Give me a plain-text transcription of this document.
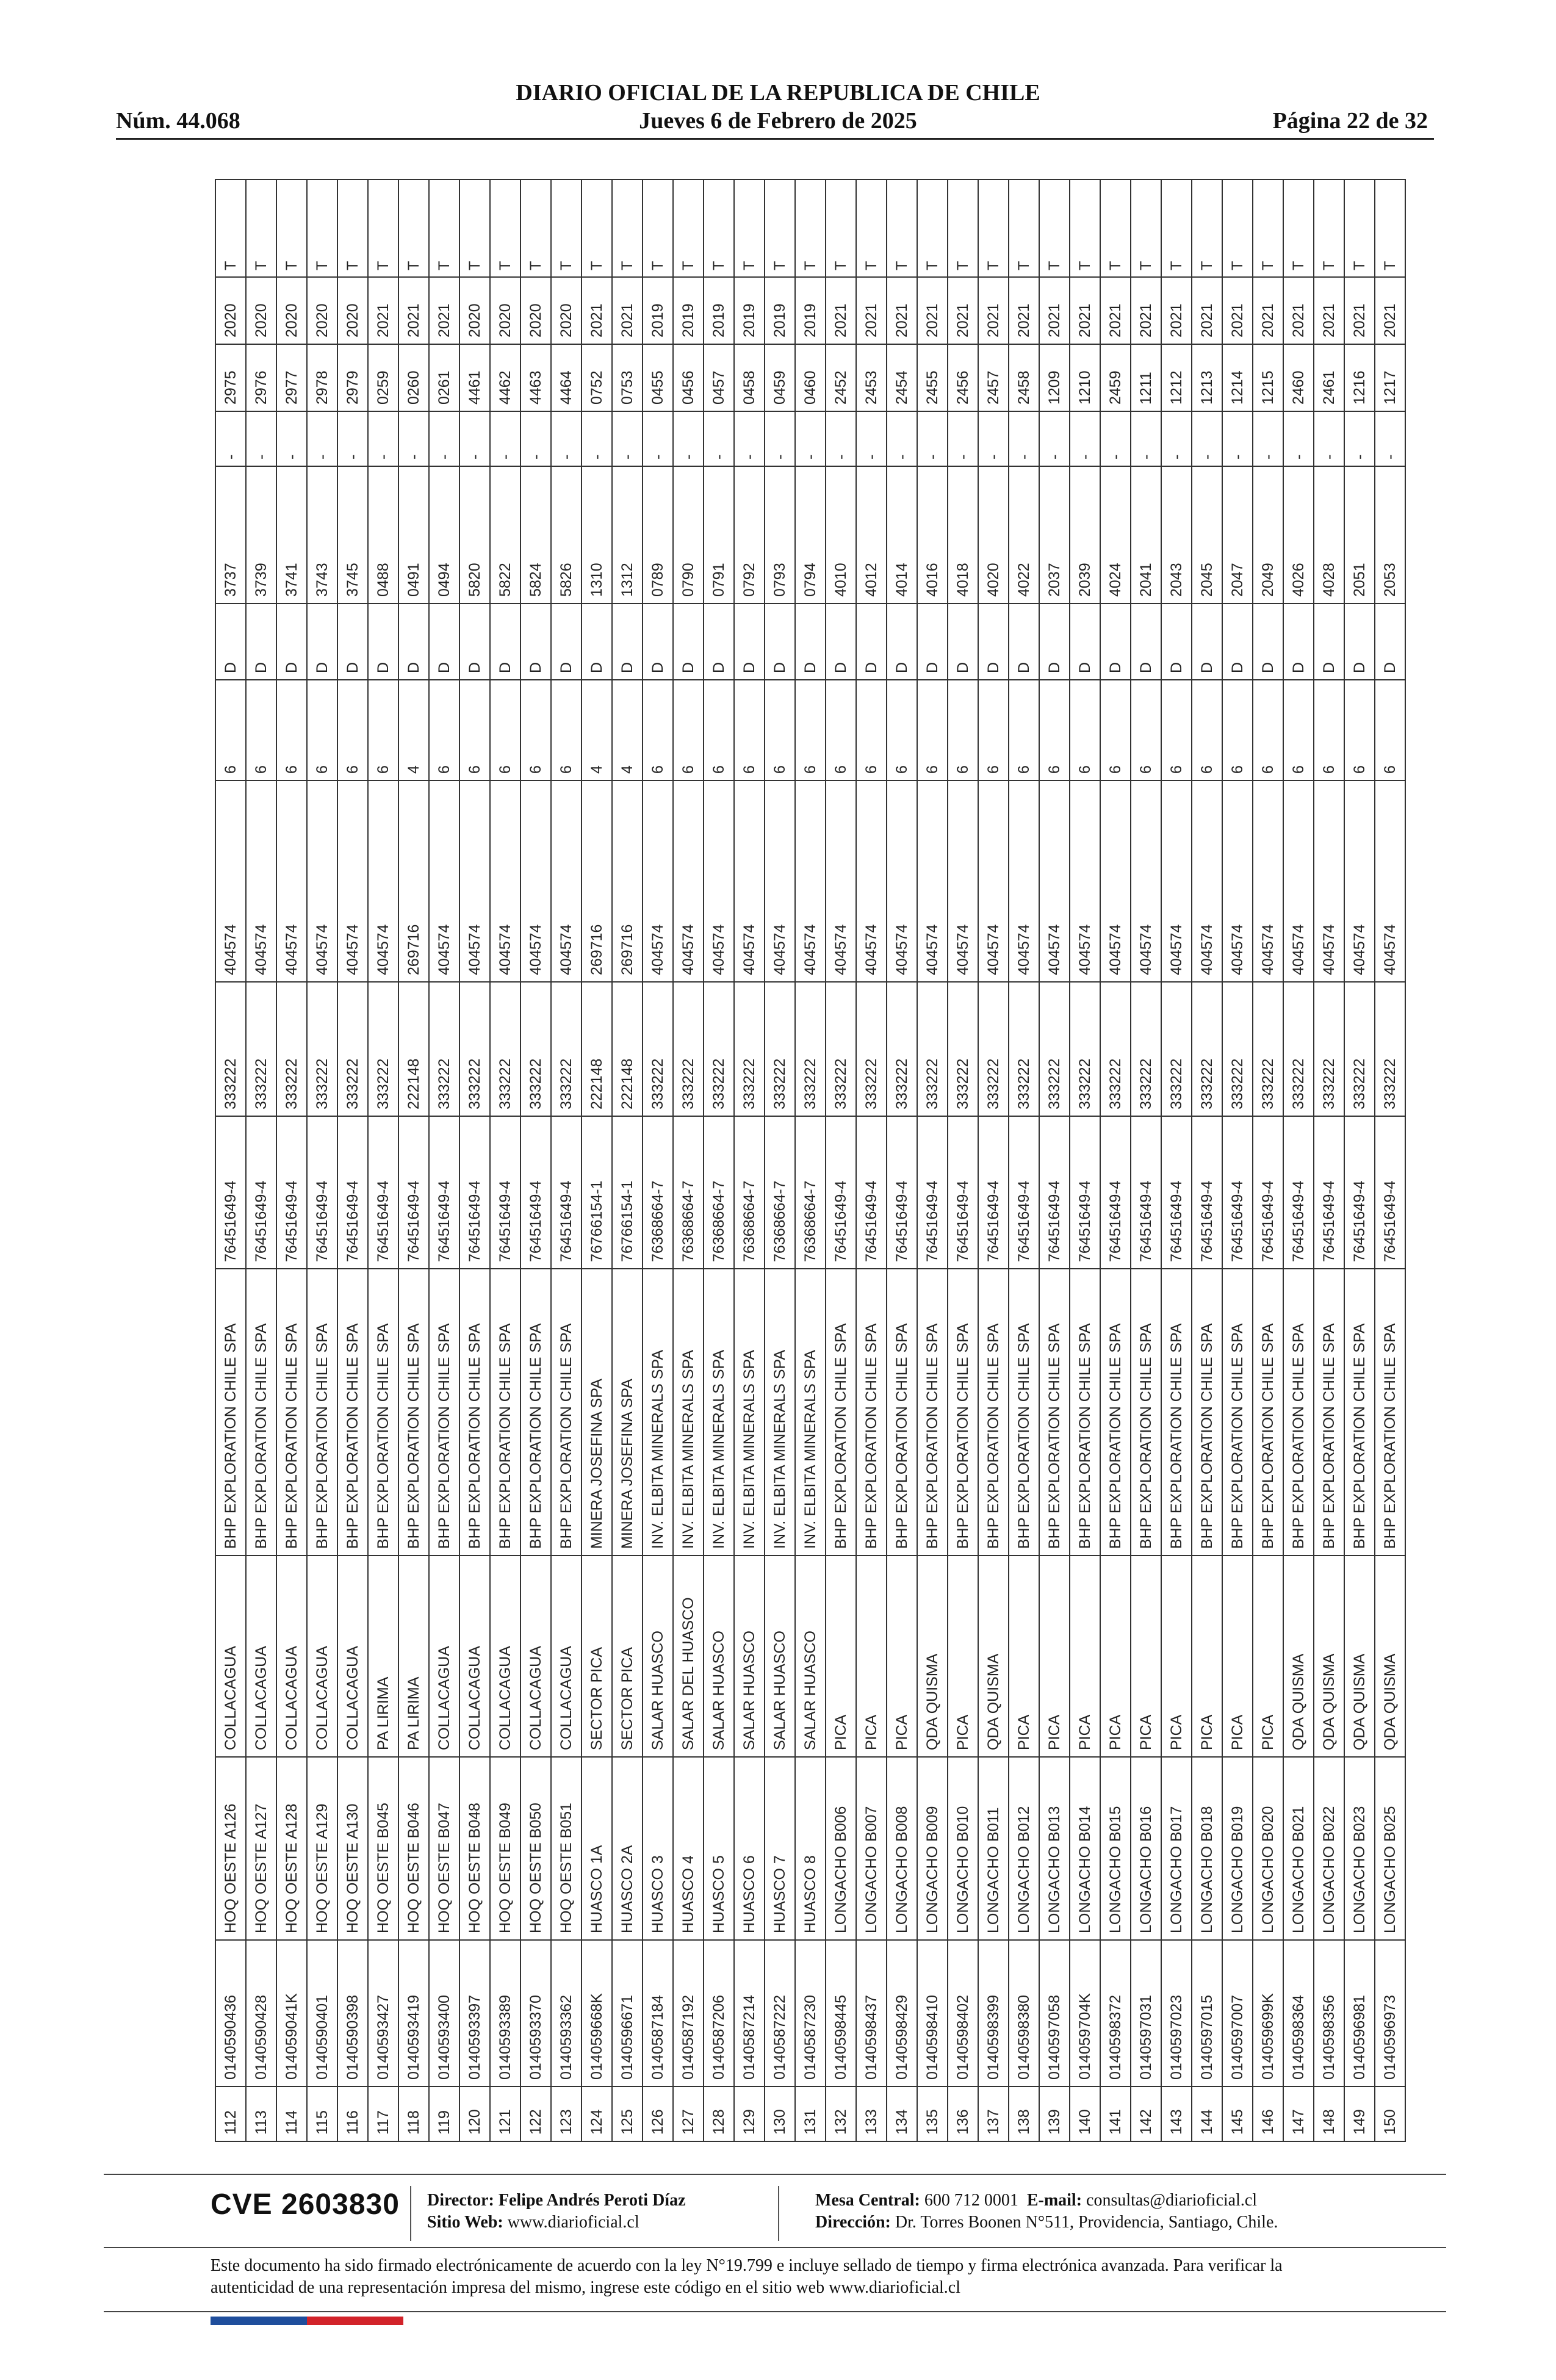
DIARIO OFICIAL DE LA REPUBLICA DE CHILE
Núm. 44.068	Jueves 6 de Febrero de 2025	Página 22 de 32
112	0140590436	HOQ OESTE A126	COLLACAGUA	BHP EXPLORATION CHILE SPA	76451649-4	333222	404574	6	D	3737	-	2975	2020	T
113	0140590428	HOQ OESTE A127	COLLACAGUA	BHP EXPLORATION CHILE SPA	76451649-4	333222	404574	6	D	3739	-	2976	2020	T
114	014059041K	HOQ OESTE A128	COLLACAGUA	BHP EXPLORATION CHILE SPA	76451649-4	333222	404574	6	D	3741	-	2977	2020	T
115	0140590401	HOQ OESTE A129	COLLACAGUA	BHP EXPLORATION CHILE SPA	76451649-4	333222	404574	6	D	3743	-	2978	2020	T
116	0140590398	HOQ OESTE A130	COLLACAGUA	BHP EXPLORATION CHILE SPA	76451649-4	333222	404574	6	D	3745	-	2979	2020	T
117	0140593427	HOQ OESTE B045	PA LIRIMA	BHP EXPLORATION CHILE SPA	76451649-4	333222	404574	6	D	0488	-	0259	2021	T
118	0140593419	HOQ OESTE B046	PA LIRIMA	BHP EXPLORATION CHILE SPA	76451649-4	222148	269716	4	D	0491	-	0260	2021	T
119	0140593400	HOQ OESTE B047	COLLACAGUA	BHP EXPLORATION CHILE SPA	76451649-4	333222	404574	6	D	0494	-	0261	2021	T
120	0140593397	HOQ OESTE B048	COLLACAGUA	BHP EXPLORATION CHILE SPA	76451649-4	333222	404574	6	D	5820	-	4461	2020	T
121	0140593389	HOQ OESTE B049	COLLACAGUA	BHP EXPLORATION CHILE SPA	76451649-4	333222	404574	6	D	5822	-	4462	2020	T
122	0140593370	HOQ OESTE B050	COLLACAGUA	BHP EXPLORATION CHILE SPA	76451649-4	333222	404574	6	D	5824	-	4463	2020	T
123	0140593362	HOQ OESTE B051	COLLACAGUA	BHP EXPLORATION CHILE SPA	76451649-4	333222	404574	6	D	5826	-	4464	2020	T
124	014059668K	HUASCO 1A	SECTOR PICA	MINERA JOSEFINA SPA	76766154-1	222148	269716	4	D	1310	-	0752	2021	T
125	0140596671	HUASCO 2A	SECTOR PICA	MINERA JOSEFINA SPA	76766154-1	222148	269716	4	D	1312	-	0753	2021	T
126	0140587184	HUASCO 3	SALAR HUASCO	INV. ELBITA MINERALS SPA	76368664-7	333222	404574	6	D	0789	-	0455	2019	T
127	0140587192	HUASCO 4	SALAR DEL HUASCO	INV. ELBITA MINERALS SPA	76368664-7	333222	404574	6	D	0790	-	0456	2019	T
128	0140587206	HUASCO 5	SALAR HUASCO	INV. ELBITA MINERALS SPA	76368664-7	333222	404574	6	D	0791	-	0457	2019	T
129	0140587214	HUASCO 6	SALAR HUASCO	INV. ELBITA MINERALS SPA	76368664-7	333222	404574	6	D	0792	-	0458	2019	T
130	0140587222	HUASCO 7	SALAR HUASCO	INV. ELBITA MINERALS SPA	76368664-7	333222	404574	6	D	0793	-	0459	2019	T
131	0140587230	HUASCO 8	SALAR HUASCO	INV. ELBITA MINERALS SPA	76368664-7	333222	404574	6	D	0794	-	0460	2019	T
132	0140598445	LONGACHO B006	PICA	BHP EXPLORATION CHILE SPA	76451649-4	333222	404574	6	D	4010	-	2452	2021	T
133	0140598437	LONGACHO B007	PICA	BHP EXPLORATION CHILE SPA	76451649-4	333222	404574	6	D	4012	-	2453	2021	T
134	0140598429	LONGACHO B008	PICA	BHP EXPLORATION CHILE SPA	76451649-4	333222	404574	6	D	4014	-	2454	2021	T
135	0140598410	LONGACHO B009	QDA QUISMA	BHP EXPLORATION CHILE SPA	76451649-4	333222	404574	6	D	4016	-	2455	2021	T
136	0140598402	LONGACHO B010	PICA	BHP EXPLORATION CHILE SPA	76451649-4	333222	404574	6	D	4018	-	2456	2021	T
137	0140598399	LONGACHO B011	QDA QUISMA	BHP EXPLORATION CHILE SPA	76451649-4	333222	404574	6	D	4020	-	2457	2021	T
138	0140598380	LONGACHO B012	PICA	BHP EXPLORATION CHILE SPA	76451649-4	333222	404574	6	D	4022	-	2458	2021	T
139	0140597058	LONGACHO B013	PICA	BHP EXPLORATION CHILE SPA	76451649-4	333222	404574	6	D	2037	-	1209	2021	T
140	014059704K	LONGACHO B014	PICA	BHP EXPLORATION CHILE SPA	76451649-4	333222	404574	6	D	2039	-	1210	2021	T
141	0140598372	LONGACHO B015	PICA	BHP EXPLORATION CHILE SPA	76451649-4	333222	404574	6	D	4024	-	2459	2021	T
142	0140597031	LONGACHO B016	PICA	BHP EXPLORATION CHILE SPA	76451649-4	333222	404574	6	D	2041	-	1211	2021	T
143	0140597023	LONGACHO B017	PICA	BHP EXPLORATION CHILE SPA	76451649-4	333222	404574	6	D	2043	-	1212	2021	T
144	0140597015	LONGACHO B018	PICA	BHP EXPLORATION CHILE SPA	76451649-4	333222	404574	6	D	2045	-	1213	2021	T
145	0140597007	LONGACHO B019	PICA	BHP EXPLORATION CHILE SPA	76451649-4	333222	404574	6	D	2047	-	1214	2021	T
146	014059699K	LONGACHO B020	PICA	BHP EXPLORATION CHILE SPA	76451649-4	333222	404574	6	D	2049	-	1215	2021	T
147	0140598364	LONGACHO B021	QDA QUISMA	BHP EXPLORATION CHILE SPA	76451649-4	333222	404574	6	D	4026	-	2460	2021	T
148	0140598356	LONGACHO B022	QDA QUISMA	BHP EXPLORATION CHILE SPA	76451649-4	333222	404574	6	D	4028	-	2461	2021	T
149	0140596981	LONGACHO B023	QDA QUISMA	BHP EXPLORATION CHILE SPA	76451649-4	333222	404574	6	D	2051	-	1216	2021	T
150	0140596973	LONGACHO B025	QDA QUISMA	BHP EXPLORATION CHILE SPA	76451649-4	333222	404574	6	D	2053	-	1217	2021	T
CVE 2603830 Director: Felipe Andrés Peroti Díaz
Sitio Web: www.diarioficial.cl
Mesa Central: 600 712 0001 E-mail: consultas@diarioficial.cl
Dirección: Dr. Torres Boonen N°511, Providencia, Santiago, Chile.
Este documento ha sido firmado electrónicamente de acuerdo con la ley N°19.799 e incluye sellado de tiempo y firma electrónica avanzada. Para verificar la autenticidad de una representación impresa del mismo, ingrese este código en el sitio web www.diarioficial.cl
